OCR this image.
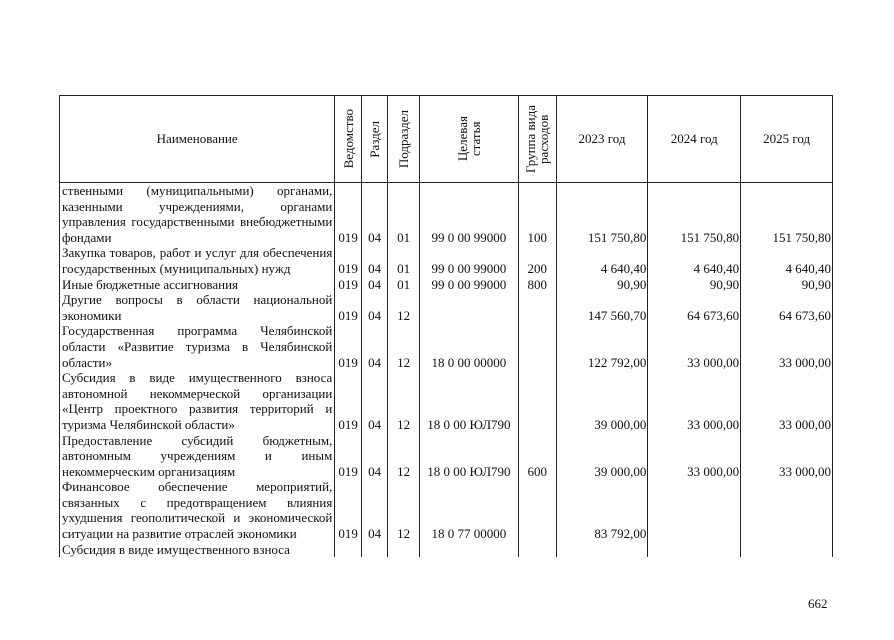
Наименование	Ведомство	Раздел	Подраздел	Целевая
статья	Группа вида
расходов	2023 год	2024 год	2025 год
ственными (муниципальными) органами, казенными учреждениями, органами управления государственными внебюджетными фондами	019	04	01	99 0 00 99000	100	151 750,80	151 750,80	151 750,80
Закупка товаров, работ и услуг для обеспечения государственных (муниципальных) нужд	019	04	01	99 0 00 99000	200	4 640,40	4 640,40	4 640,40
Иные бюджетные ассигнования	019	04	01	99 0 00 99000	800	90,90	90,90	90,90
Другие вопросы в области национальной экономики	019	04	12			147 560,70	64 673,60	64 673,60
Государственная программа Челябинской области «Развитие туризма в Челябинской области»	019	04	12	18 0 00 00000		122 792,00	33 000,00	33 000,00
Субсидия в виде имущественного взноса автономной некоммерческой организации «Центр проектного развития территорий и туризма Челябинской области»	019	04	12	18 0 00 ЮЛ790		39 000,00	33 000,00	33 000,00
Предоставление субсидий бюджетным, автономным учреждениям и иным некоммерческим организациям	019	04	12	18 0 00 ЮЛ790	600	39 000,00	33 000,00	33 000,00
Финансовое обеспечение мероприятий, связанных с предотвращением влияния ухудшения геополитической и экономической ситуации на развитие отраслей экономики	019	04	12	18 0 77 00000		83 792,00		
Субсидия в виде имущественного взноса								
662
